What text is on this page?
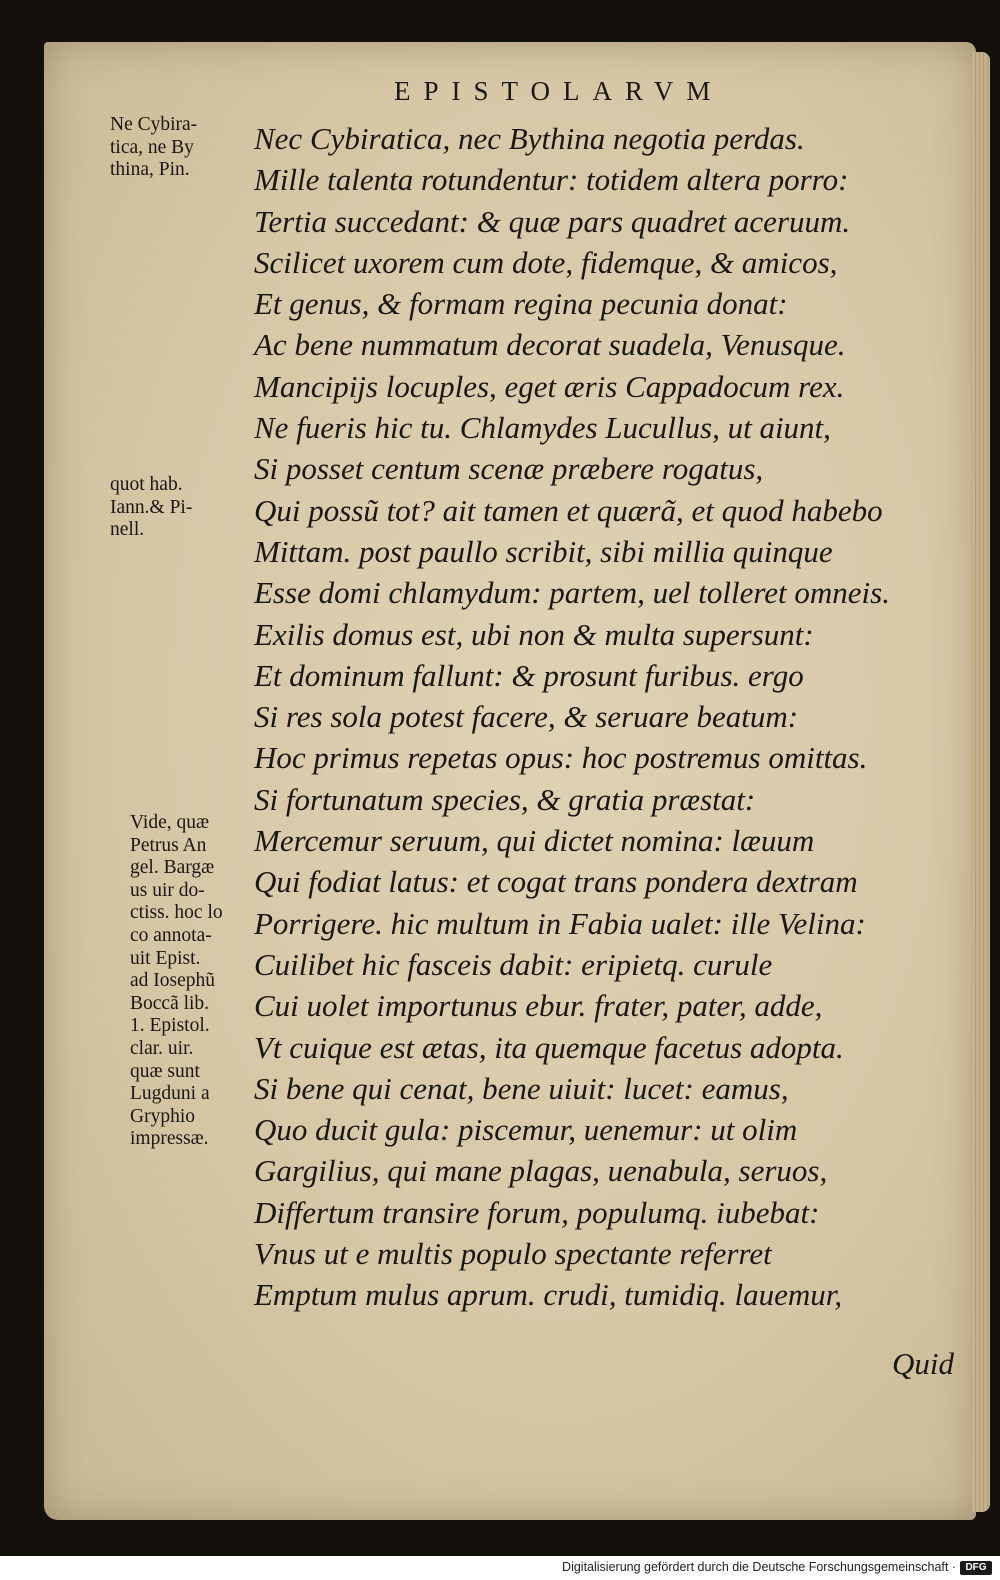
EPISTOLARVM
Ne Cybira-
tica, ne By
thina, Pin.
quot hab.
Iann.& Pi-
nell.
Vide, quæ
Petrus An
gel. Bargæ
us uir do-
ctiss. hoc lo
co annota-
uit Epist.
ad Iosephũ
Boccã lib.
1. Epistol.
clar. uir.
quæ sunt
Lugduni a
Gryphio
impressæ.
Nec Cybiratica, nec Bythina negotia perdas.
Mille talenta rotundentur: totidem altera porro:
Tertia succedant: & quæ pars quadret aceruum.
Scilicet uxorem cum dote, fidemque, & amicos,
Et genus, & formam regina pecunia donat:
Ac bene nummatum decorat suadela, Venusque.
Mancipijs locuples, eget æris Cappadocum rex.
Ne fueris hic tu. Chlamydes Lucullus, ut aiunt,
Si posset centum scenæ præbere rogatus,
Qui possũ tot? ait tamen et quærã, et quod habebo
Mittam. post paullo scribit, sibi millia quinque
Esse domi chlamydum: partem, uel tolleret omneis.
Exilis domus est, ubi non & multa supersunt:
Et dominum fallunt: & prosunt furibus. ergo
Si res sola potest facere, & seruare beatum:
Hoc primus repetas opus: hoc postremus omittas.
Si fortunatum species, & gratia præstat:
Mercemur seruum, qui dictet nomina: læuum
Qui fodiat latus: et cogat trans pondera dextram
Porrigere. hic multum in Fabia ualet: ille Velina:
Cuilibet hic fasceis dabit: eripietq. curule
Cui uolet importunus ebur. frater, pater, adde,
Vt cuique est ætas, ita quemque facetus adopta.
Si bene qui cenat, bene uiuit: lucet: eamus,
Quo ducit gula: piscemur, uenemur: ut olim
Gargilius, qui mane plagas, uenabula, seruos,
Differtum transire forum, populumq. iubebat:
Vnus ut e multis populo spectante referret
Emptum mulus aprum. crudi, tumidiq. lauemur,
Quid
Digitalisierung gefördert durch die Deutsche Forschungsgemeinschaft · DFG
